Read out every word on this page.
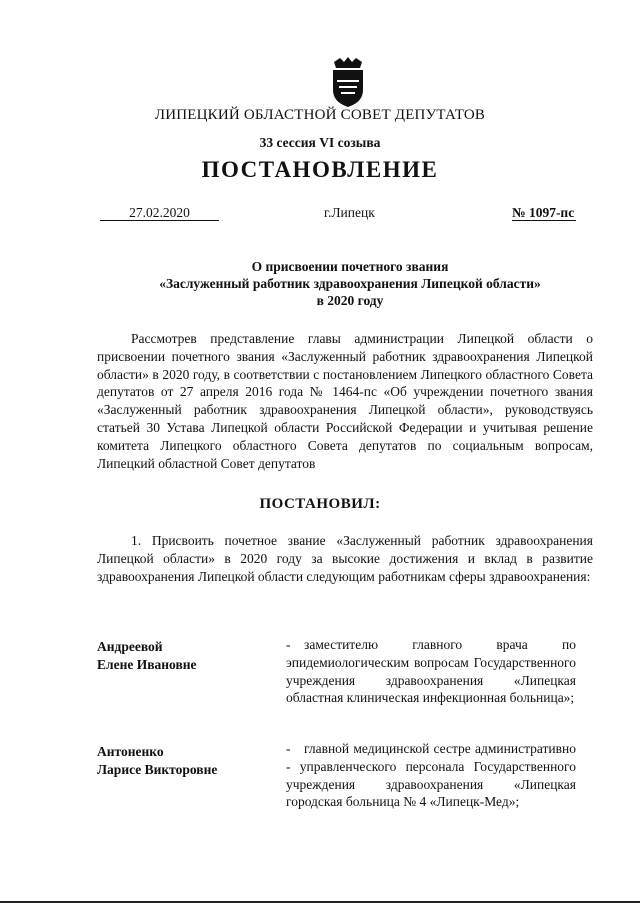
ЛИПЕЦКИЙ ОБЛАСТНОЙ СОВЕТ ДЕПУТАТОВ
33 сессия VI созыва
ПОСТАНОВЛЕНИЕ
27.02.2020	г.Липецк	№ 1097-пс
О присвоении почетного звания
«Заслуженный работник здравоохранения Липецкой области»
в 2020 году
Рассмотрев представление главы администрации Липецкой области о присвоении почетного звания «Заслуженный работник здравоохранения Липецкой области» в 2020 году, в соответствии с постановлением Липецкого областного Совета депутатов от 27 апреля 2016 года № 1464-пс «Об учреждении почетного звания «Заслуженный работник здравоохранения Липецкой области», руководствуясь статьей 30 Устава Липецкой области Российской Федерации и учитывая решение комитета Липецкого областного Совета депутатов по социальным вопросам, Липецкий областной Совет депутатов
ПОСТАНОВИЛ:
1. Присвоить почетное звание «Заслуженный работник здравоохранения Липецкой области» в 2020 году за высокие достижения и вклад в развитие здравоохранения Липецкой области следующим работникам сферы здравоохранения:
Андреевой
Елене Ивановне
- заместителю главного врача по эпидемиологическим вопросам Государственного учреждения здравоохранения «Липецкая областная клиническая инфекционная больница»;
Антоненко
Ларисе Викторовне
- главной медицинской сестре административно - управленческого персонала Государственного учреждения здравоохранения «Липецкая городская больница № 4 «Липецк-Мед»;
